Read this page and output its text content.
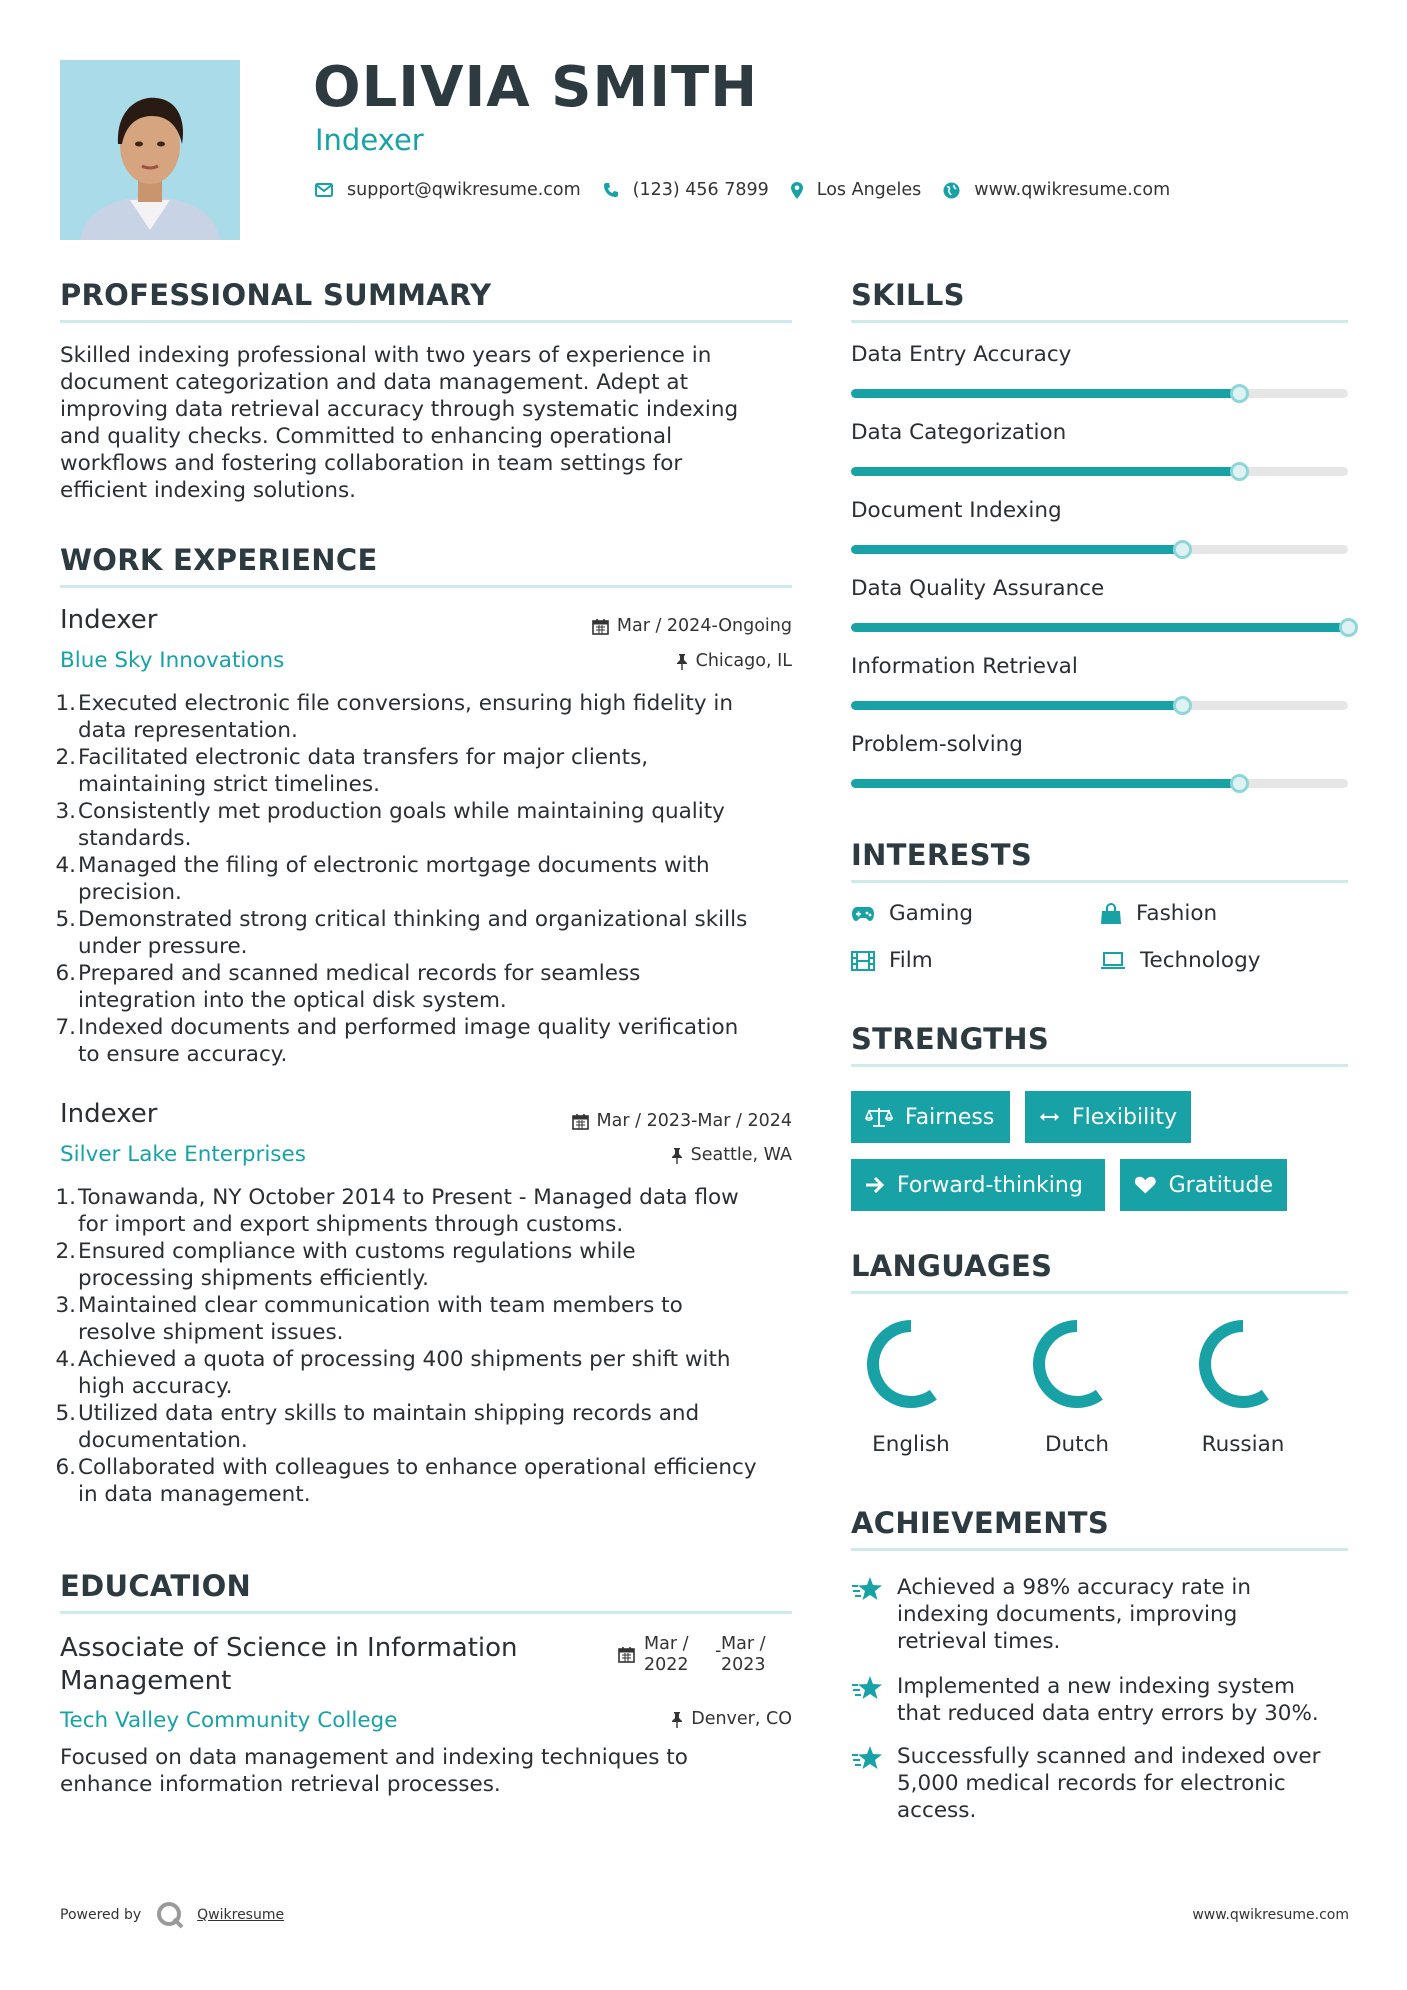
OLIVIA SMITH
Indexer
support@qwikresume.com	(123) 456 7899	Los Angeles	www.qwikresume.com
PROFESSIONAL SUMMARY
Skilled indexing professional with two years of experience in
document categorization and data management. Adept at
improving data retrieval accuracy through systematic indexing
and quality checks. Committed to enhancing operational
workflows and fostering collaboration in team settings for
efficient indexing solutions.
WORK EXPERIENCE
Indexer	Mar / 2024-Ongoing
Blue Sky Innovations	Chicago, IL
1. Executed electronic file conversions, ensuring high fidelity in
data representation.
2. Facilitated electronic data transfers for major clients,
maintaining strict timelines.
3. Consistently met production goals while maintaining quality
standards.
4. Managed the filing of electronic mortgage documents with
precision.
5. Demonstrated strong critical thinking and organizational skills
under pressure.
6. Prepared and scanned medical records for seamless
integration into the optical disk system.
7. Indexed documents and performed image quality verification
to ensure accuracy.
Indexer	Mar / 2023-Mar / 2024
Silver Lake Enterprises	Seattle, WA
1. Tonawanda, NY October 2014 to Present - Managed data flow
for import and export shipments through customs.
2. Ensured compliance with customs regulations while
processing shipments efficiently.
3. Maintained clear communication with team members to
resolve shipment issues.
4. Achieved a quota of processing 400 shipments per shift with
high accuracy.
5. Utilized data entry skills to maintain shipping records and
documentation.
6. Collaborated with colleagues to enhance operational efficiency
in data management.
EDUCATION
Associate of Science in Information
Management
Mar /
2022
- Mar /
2023
Tech Valley Community College	Denver, CO
Focused on data management and indexing techniques to
enhance information retrieval processes.
SKILLS
Data Entry Accuracy
Data Categorization
Document Indexing
Data Quality Assurance
Information Retrieval
Problem-solving
INTERESTS
Gaming	Fashion
Film	Technology
STRENGTHS
Fairness	Flexibility
Forward-thinking	Gratitude
LANGUAGES
English	Dutch	Russian
ACHIEVEMENTS
Achieved a 98% accuracy rate in
indexing documents, improving
retrieval times.
Implemented a new indexing system
that reduced data entry errors by 30%.
Successfully scanned and indexed over
5,000 medical records for electronic
access.
Powered by	Qwikresume	www.qwikresume.com
